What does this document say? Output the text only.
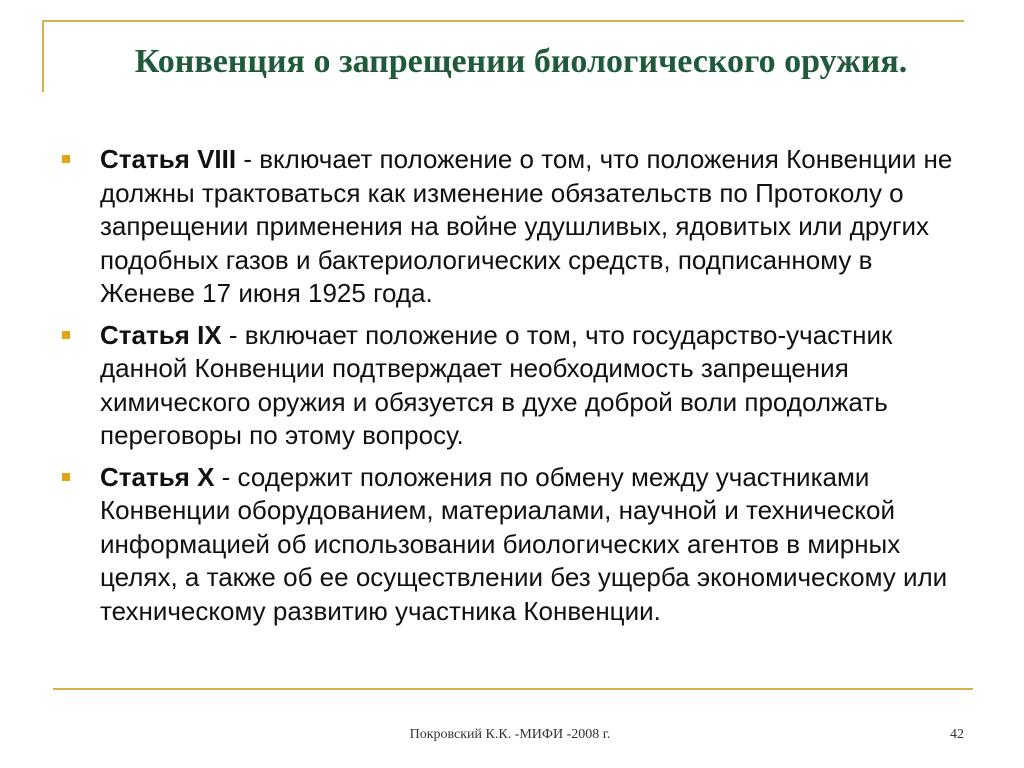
Конвенция о запрещении биологического оружия.
Статья VIII - включает положение о том, что положения Конвенции не должны трактоваться как изменение обязательств по Протоколу о запрещении применения на войне удушливых, ядовитых или других подобных газов и бактериологических средств, подписанному в Женеве 17 июня 1925 года.
Статья IX - включает положение о том, что государство-участник данной Конвенции подтверждает необходимость запрещения химического оружия и обязуется в духе доброй воли продолжать переговоры по этому вопросу.
Статья X - содержит положения по обмену между участниками Конвенции оборудованием, материалами, научной и технической информацией об использовании биологических агентов в мирных целях, а также об ее осуществлении без ущерба экономическому или техническому развитию участника Конвенции.
Покровский К.К. -МИФИ -2008 г.	42
